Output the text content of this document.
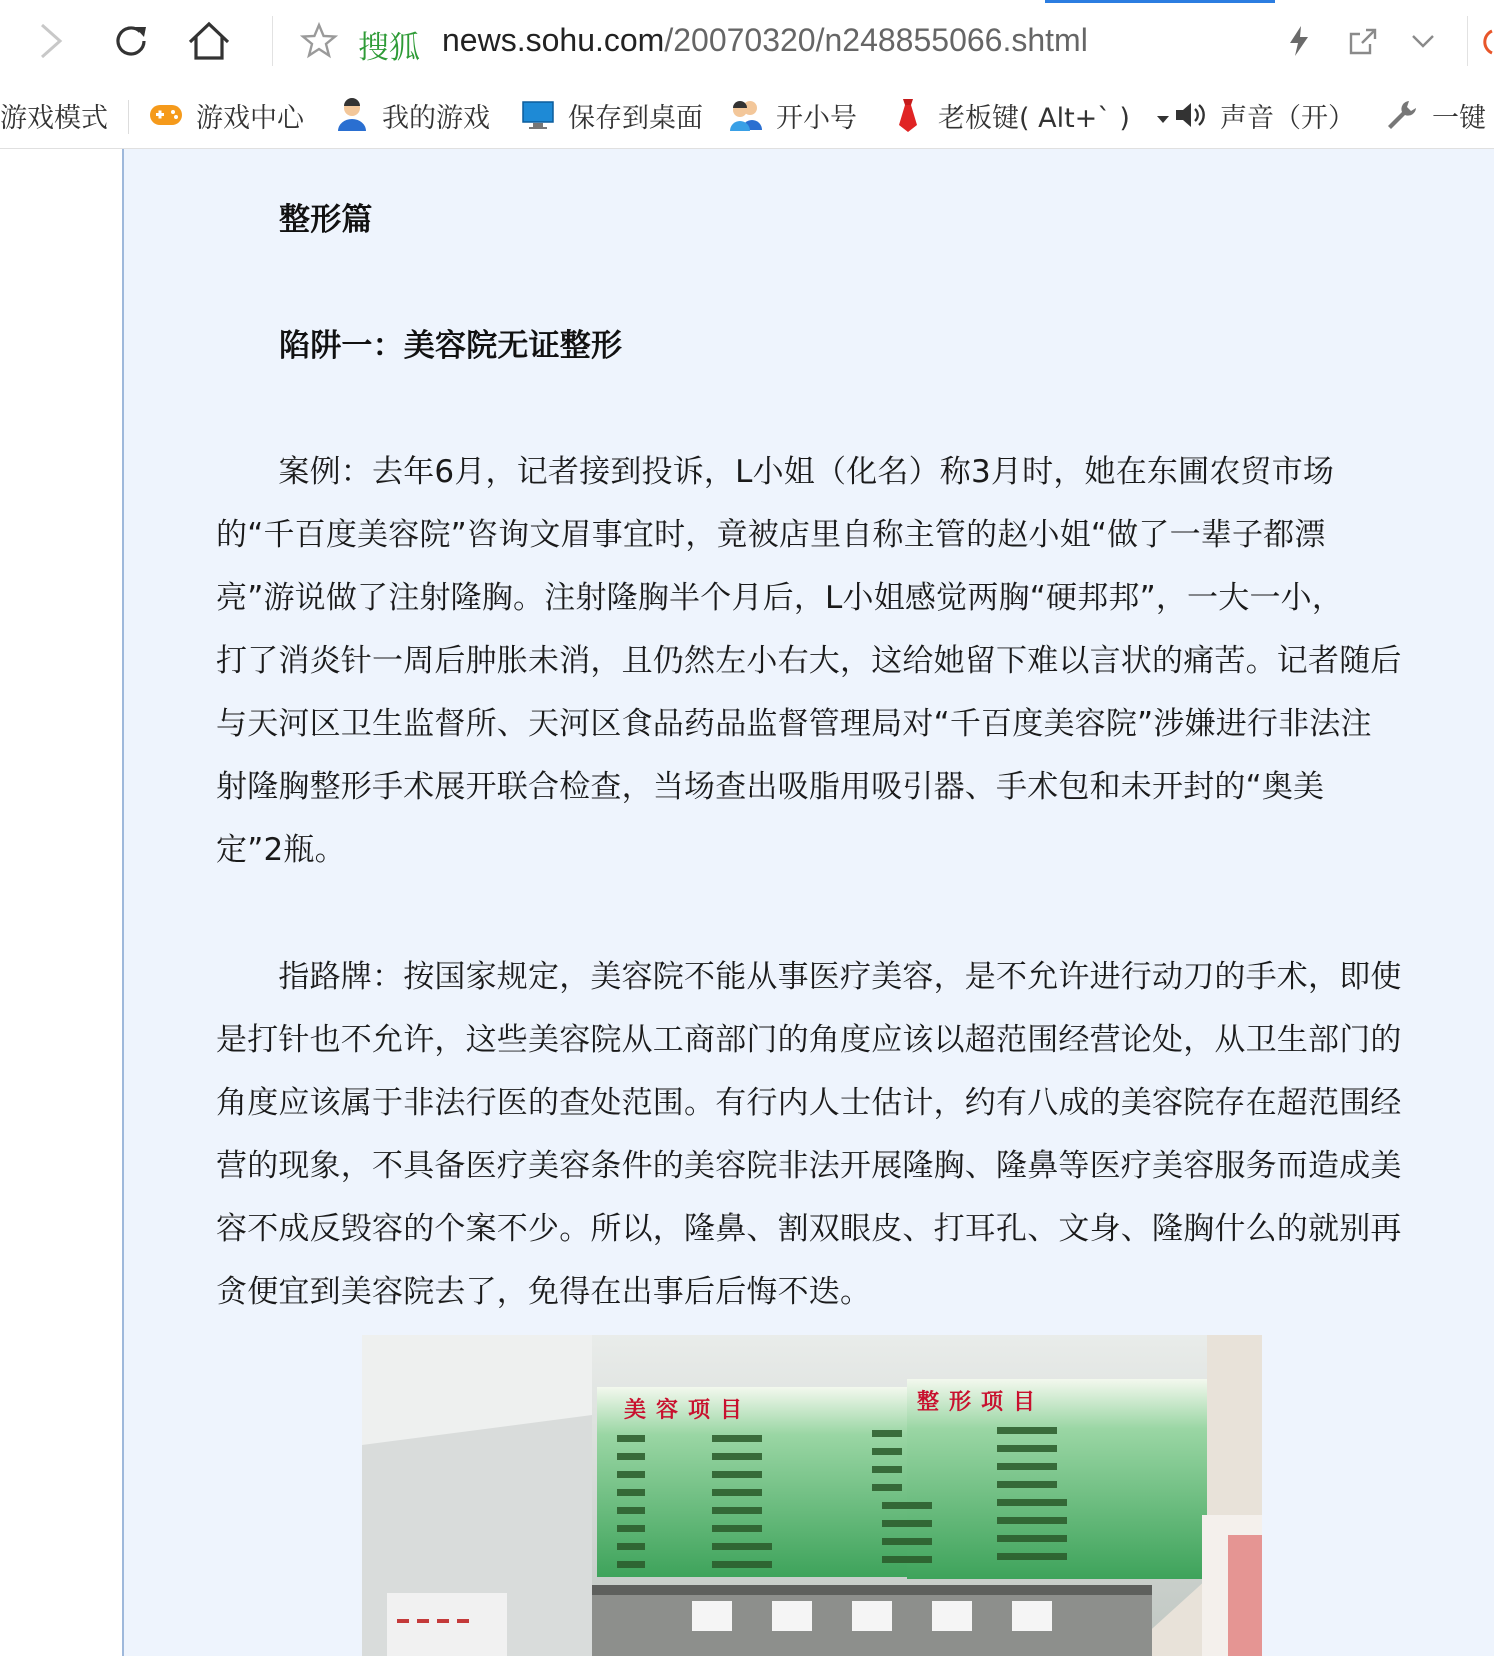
搜狐 news.sohu.com/20070320/n248855066.shtml
游戏模式	游戏中心	我的游戏	保存到桌面	开小号	老板键( Alt+` )	声音（开）	一键
整形篇
陷阱一：美容院无证整形
　　案例：去年6月，记者接到投诉，L小姐（化名）称3月时，她在东圃农贸市场
的“千百度美容院”咨询文眉事宜时，竟被店里自称主管的赵小姐“做了一辈子都漂
亮”游说做了注射隆胸。注射隆胸半个月后，L小姐感觉两胸“硬邦邦”，一大一小，
打了消炎针一周后肿胀未消，且仍然左小右大，这给她留下难以言状的痛苦。记者随后
与天河区卫生监督所、天河区食品药品监督管理局对“千百度美容院”涉嫌进行非法注
射隆胸整形手术展开联合检查，当场查出吸脂用吸引器、手术包和未开封的“奥美
定”2瓶。
　　指路牌：按国家规定，美容院不能从事医疗美容，是不允许进行动刀的手术，即使
是打针也不允许，这些美容院从工商部门的角度应该以超范围经营论处，从卫生部门的
角度应该属于非法行医的查处范围。有行内人士估计，约有八成的美容院存在超范围经
营的现象，不具备医疗美容条件的美容院非法开展隆胸、隆鼻等医疗美容服务而造成美
容不成反毁容的个案不少。所以，隆鼻、割双眼皮、打耳孔、文身、隆胸什么的就别再
贪便宜到美容院去了，免得在出事后后悔不迭。
美容项目	整形项目
